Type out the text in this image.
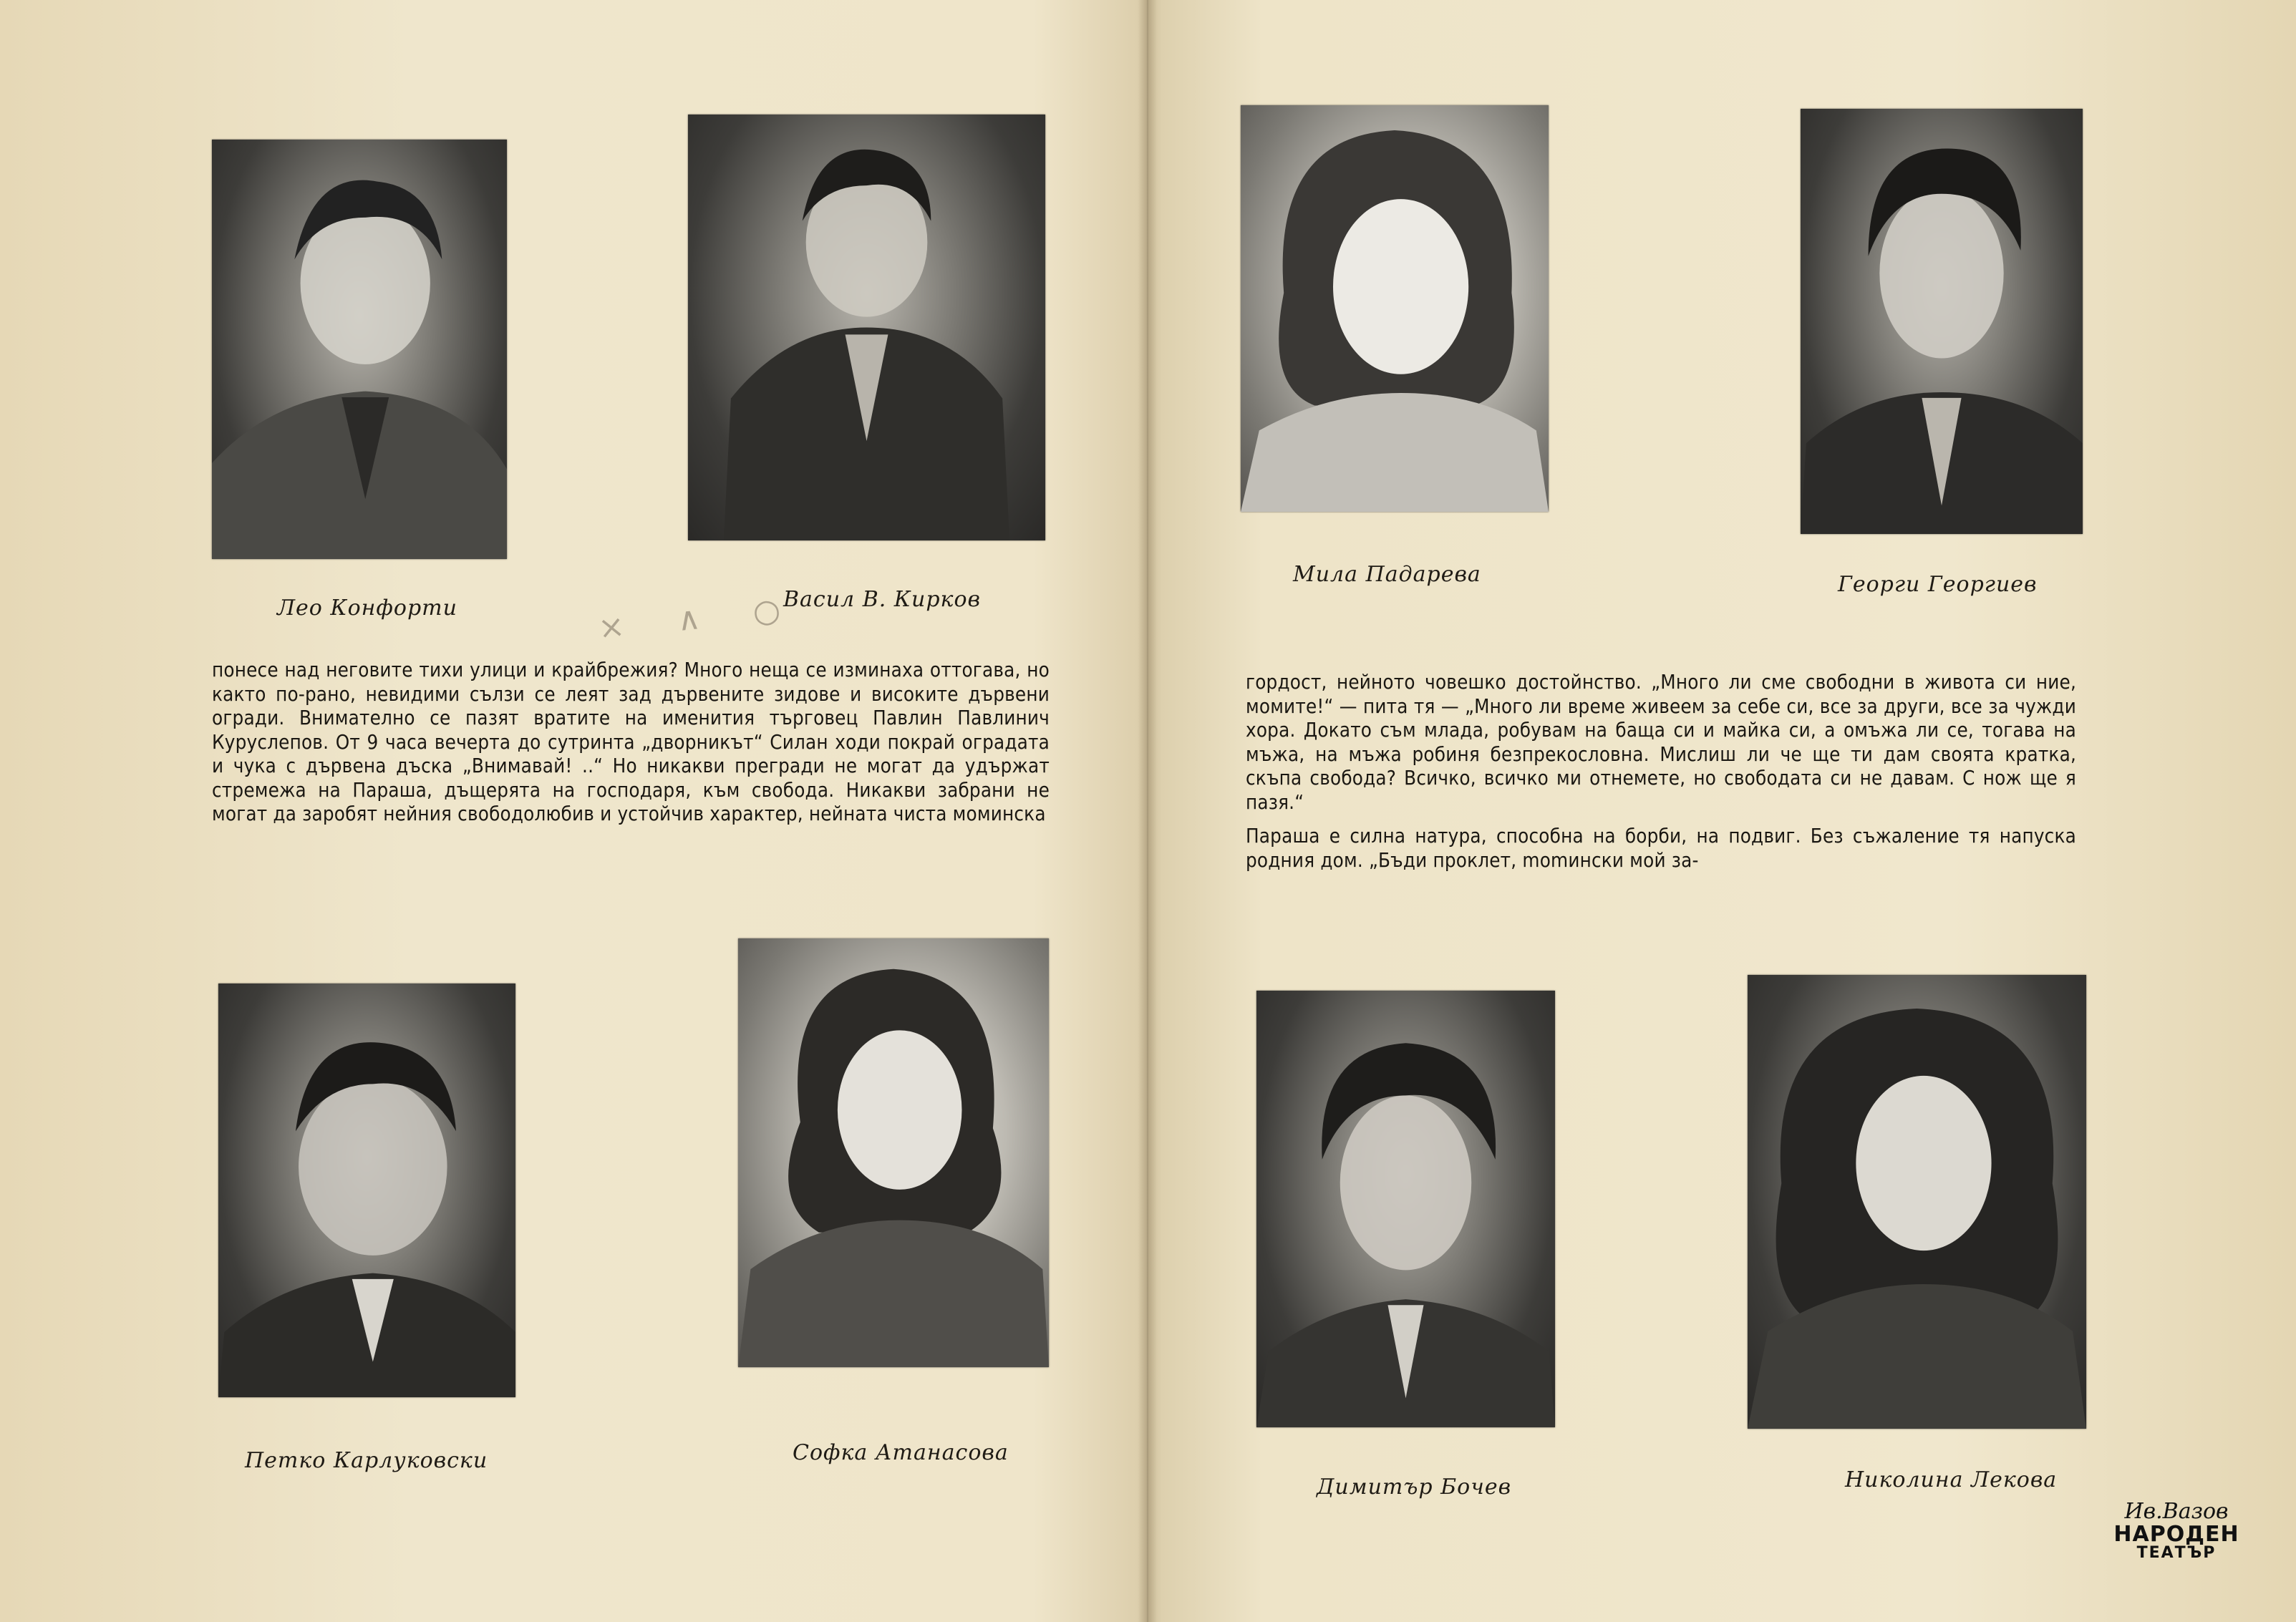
Лео Конфорти	Васил В. Кирков
× ∧ ○

понесе над неговите тихи улици и крайбрежия? Много неща се изминаха оттогава, но както по-рано, невидими сълзи се леят зад дървените зидове и високите дървени огради. Внимателно се пазят вратите на именития търговец Павлин Павлинич Куруслепов. От 9 часа вечерта до сутринта „дворникът“ Силан ходи покрай оградата и чука с дървена дъска „Внимавай! ..“ Но никакви прегради не могат да удържат стремежа на Параша, дъщерята на господаря, към свобода. Никакви забрани не могат да заробят нейния свободолюбив и устойчив характер, нейната чиста моминска

Петко Карлуковски	Софка Атанасова
Мила Падарева	Георги Георгиев

гордост, нейното човешко достойнство. „Много ли сме свободни в живота си ние, момите!“ — пита тя — „Много ли време живеем за себе си, все за други, все за чужди хора. Докато съм млада, робувам на баща си и майка си, а омъжа ли се, тогава на мъжа, на мъжа робиня безпрекословна. Мислиш ли че ще ти дам своята кратка, скъпа свобода? Всичко, всичко ми отнемете, но свободата си не давам. С нож ще я пазя.“

Параша е силна натура, способна на борби, на подвиг. Без съжаление тя напуска родния дом. „Бъди проклет, momински мой за-

Димитър Бочев	Николина Лекова
Ив.Вазов
НАРОДЕН
ТЕАТЪР
